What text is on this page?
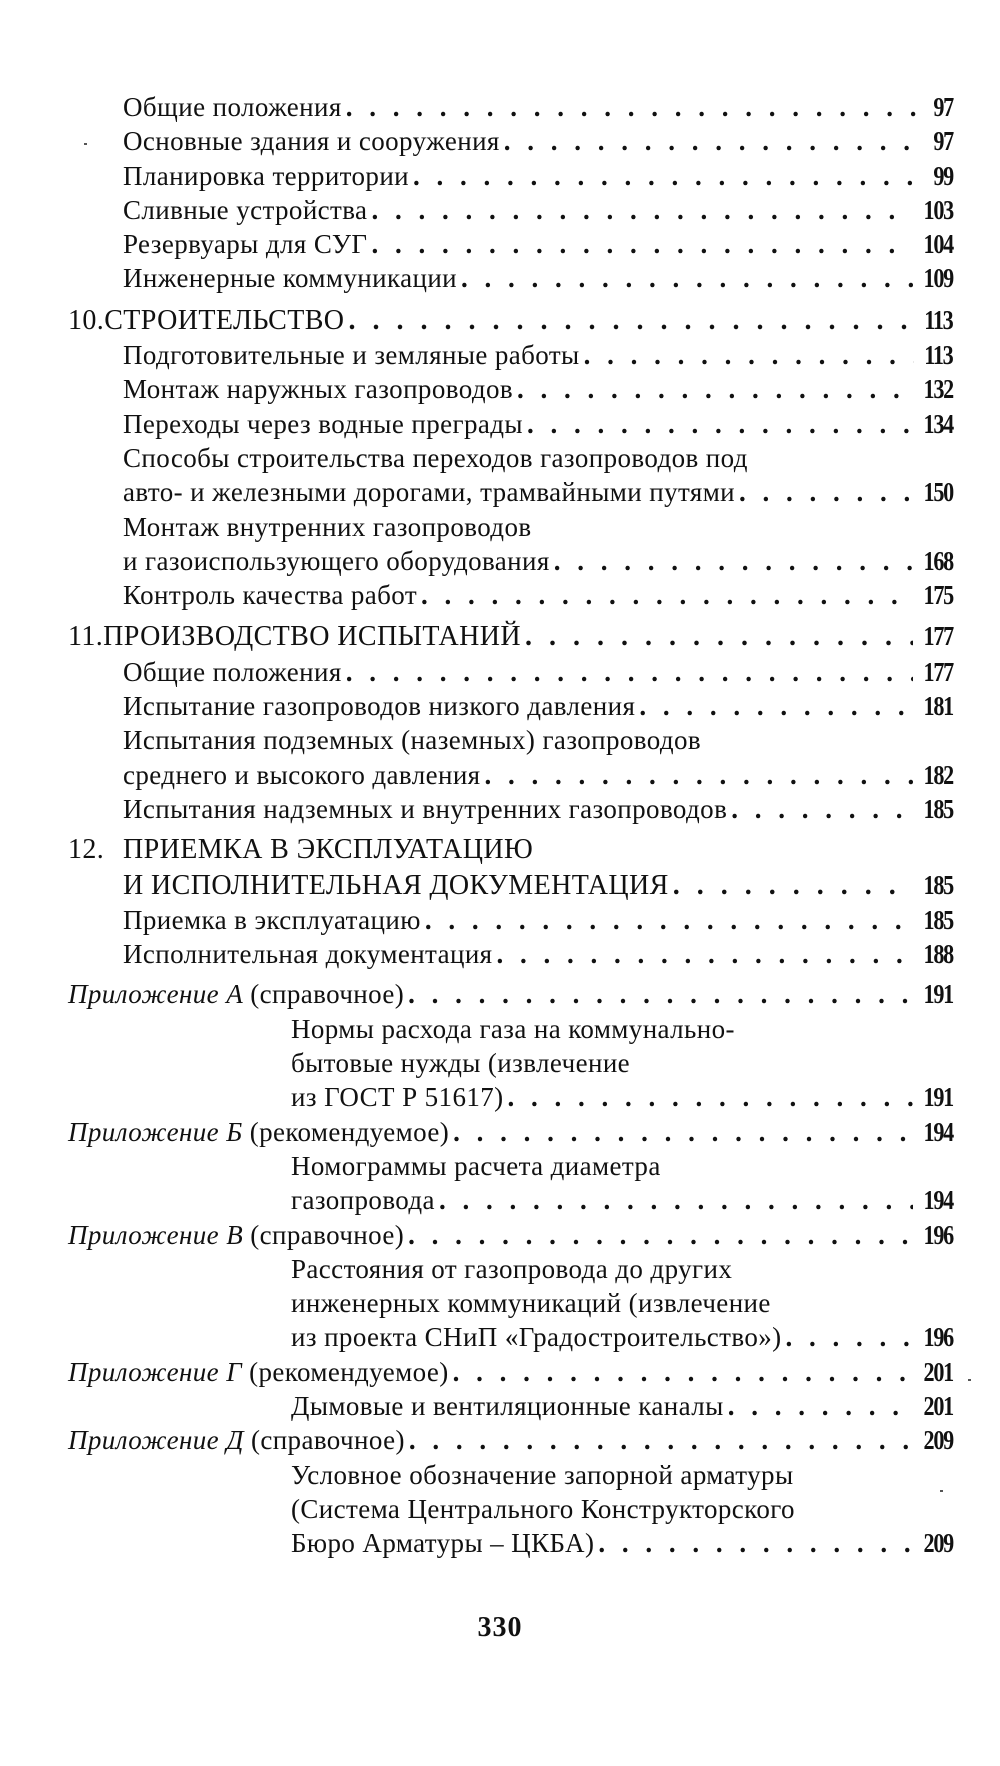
Общие положения . . .	97
Основные здания и сооружения . . .	97
Планировка территории . . .	99
Сливные устройства . . .	103
Резервуары для СУГ . . .	104
Инженерные коммуникации . . .	109
10. СТРОИТЕЛЬСТВО . . .	113
Подготовительные и земляные работы . . .	113
Монтаж наружных газопроводов . . .	132
Переходы через водные преграды . . .	134
Способы строительства переходов газопроводов под
авто- и железными дорогами, трамвайными путями . . .	150
Монтаж внутренних газопроводов
и газоиспользующего оборудования . . .	168
Контроль качества работ . . .	175
11. ПРОИЗВОДСТВО ИСПЫТАНИЙ . . .	177
Общие положения . . .	177
Испытание газопроводов низкого давления . . .	181
Испытания подземных (наземных) газопроводов
среднего и высокого давления . . .	182
Испытания надземных и внутренних газопроводов . . .	185
12. ПРИЕМКА В ЭКСПЛУАТАЦИЮ
И ИСПОЛНИТЕЛЬНАЯ ДОКУМЕНТАЦИЯ . . .	185
Приемка в эксплуатацию . . .	185
Исполнительная документация . . .	188
Приложение А (справочное) . . .	191
Нормы расхода газа на коммунально-
бытовые нужды (извлечение
из ГОСТ Р 51617) . . .	191
Приложение Б (рекомендуемое) . . .	194
Номограммы расчета диаметра
газопровода . . .	194
Приложение В (справочное) . . .	196
Расстояния от газопровода до других
инженерных коммуникаций (извлечение
из проекта СНиП «Градостроительство») . . .	196
Приложение Г (рекомендуемое) . . .	201
Дымовые и вентиляционные каналы . . .	201
Приложение Д (справочное) . . .	209
Условное обозначение запорной арматуры
(Система Центрального Конструкторского
Бюро Арматуры – ЦКБА) . . .	209
330
